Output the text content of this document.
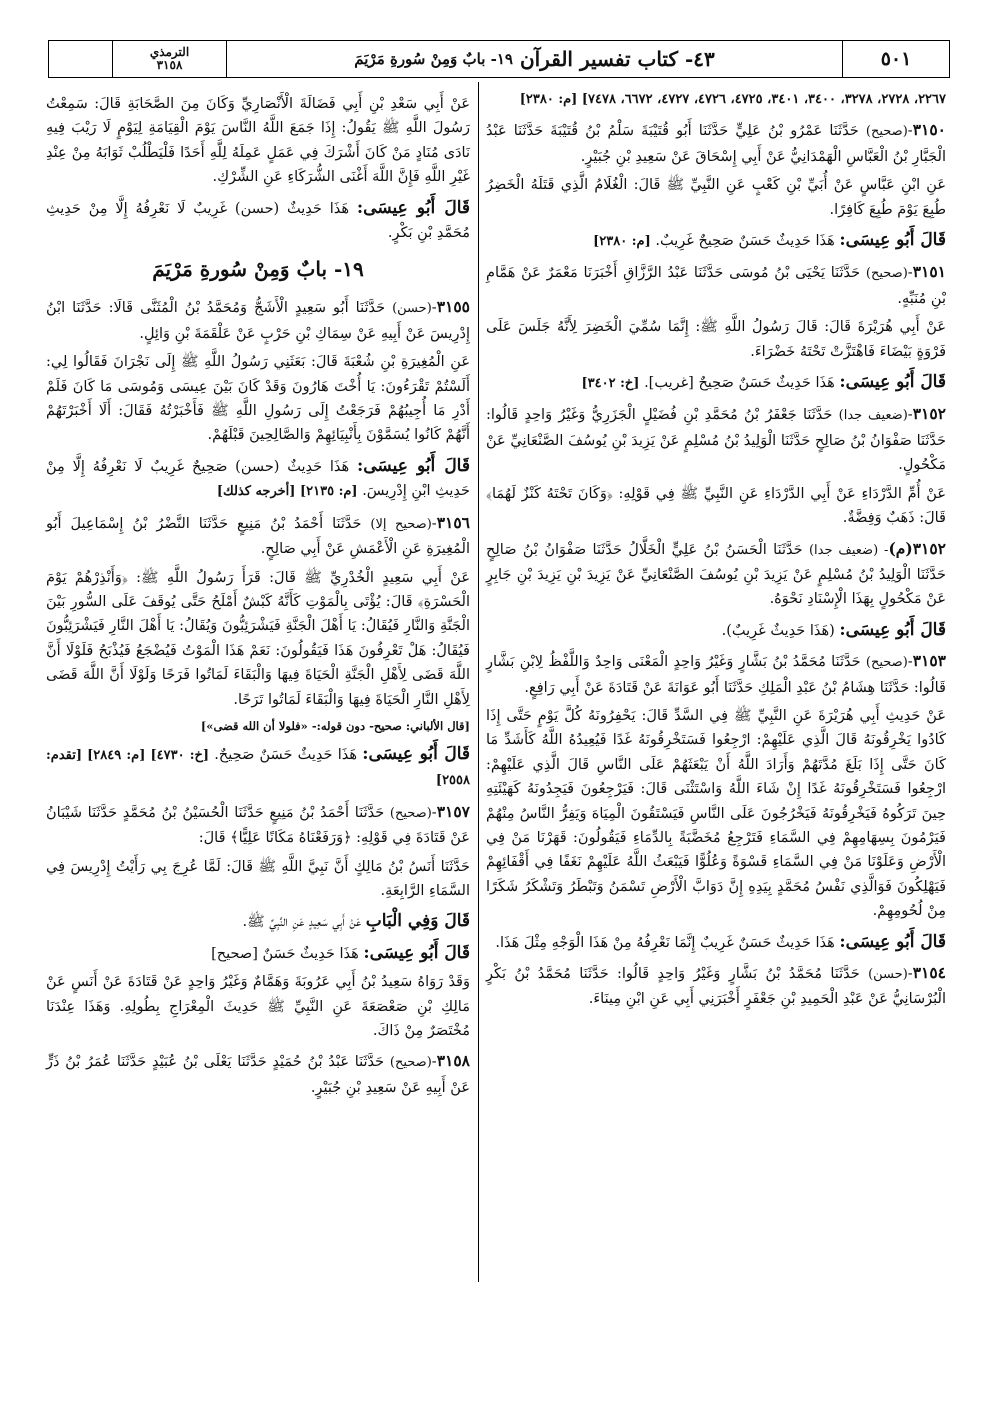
الترمذي
٣١٥٨	٤٣- كتاب تفسير القرآن

١٩- بابٌ وَمِنْ سُورةِ مَرْيَمَ	٥٠١

٢٢٦٧، ٢٧٢٨، ٣٢٧٨، ٣٤٠٠، ٣٤٠١، ٤٧٢٥، ٤٧٢٦، ٤٧٢٧، ٦٦٧٢، ٧٤٧٨] [م: ٢٣٨٠]

٣١٥٠-(صحيح) حَدَّثَنَا عَمْرُو بْنُ عَلِيٍّ حَدَّثَنَا أَبُو قُتَيْبَةَ سَلْمُ بْنُ قُتَيْبَةَ حَدَّثَنَا عَبْدُ الْجَبَّارِ بْنُ الْعَبَّاسِ الْهَمْدَانِيُّ عَنْ أَبِي إِسْحَاقَ عَنْ سَعِيدِ بْنِ جُبَيْرٍ.

عَنِ ابْنِ عَبَّاسٍ عَنْ أُبَيِّ بْنِ كَعْبٍ عَنِ النَّبِيِّ ﷺ قَالَ: الْغُلَامُ الَّذِي قَتَلَهُ الْخَضِرُ طُبِعَ يَوْمَ طُبِعَ كَافِرًا.

قَالَ أَبُو عِيسَى: هَذَا حَدِيثٌ حَسَنٌ صَحِيحٌ غَرِيبٌ. [م: ٢٣٨٠]

٣١٥١-(صحيح) حَدَّثَنَا يَحْيَى بْنُ مُوسَى حَدَّثَنَا عَبْدُ الرَّزَّاقِ أَخْبَرَنَا مَعْمَرٌ عَنْ هَمَّامِ بْنِ مُنَبِّهٍ.

عَنْ أَبِي هُرَيْرَةَ قَالَ: قَالَ رَسُولُ اللَّهِ ﷺ: إِنَّمَا سُمِّيَ الْخَضِرَ لِأَنَّهُ جَلَسَ عَلَى فَرْوَةٍ بَيْضَاءَ فَاهْتَزَّتْ تَحْتَهُ خَضْرَاءَ.

قَالَ أَبُو عِيسَى: هَذَا حَدِيثٌ حَسَنٌ صَحِيحٌ [غريب]. [خ: ٣٤٠٢]

٣١٥٢-(ضعيف جدا) حَدَّثَنَا جَعْفَرُ بْنُ مُحَمَّدِ بْنِ فُضَيْلٍ الْجَزَرِيُّ وَغَيْرُ وَاحِدٍ قَالُوا: حَدَّثَنَا صَفْوَانُ بْنُ صَالِحٍ حَدَّثَنَا الْوَلِيدُ بْنُ مُسْلِمٍ عَنْ يَزِيدَ بْنِ يُوسُفَ الصَّنْعَانِيِّ عَنْ مَكْحُولٍ.

عَنْ أُمِّ الدَّرْدَاءِ عَنْ أَبِي الدَّرْدَاءِ عَنِ النَّبِيِّ ﷺ فِي قَوْلِهِ: ﴿وَكَانَ تَحْتَهُ كَنْزٌ لَهُمَا﴾ قَالَ: ذَهَبٌ وَفِضَّةٌ.

٣١٥٢(م)- (ضعيف جدا) حَدَّثَنَا الْحَسَنُ بْنُ عَلِيٍّ الْخَلَّالُ حَدَّثَنَا صَفْوَانُ بْنُ صَالِحٍ حَدَّثَنَا الْوَلِيدُ بْنُ مُسْلِمٍ عَنْ يَزِيدَ بْنِ يُوسُفَ الصَّنْعَانِيِّ عَنْ يَزِيدَ بْنِ يَزِيدَ بْنِ جَابِرٍ عَنْ مَكْحُولٍ بِهَذَا الْإِسْنَادِ نَحْوَهُ.

قَالَ أَبُو عِيسَى: (هَذَا حَدِيثٌ غَرِيبٌ).

٣١٥٣-(صحيح) حَدَّثَنَا مُحَمَّدُ بْنُ بَشَّارٍ وَغَيْرُ وَاحِدٍ الْمَعْنَى وَاحِدٌ وَاللَّفْظُ لِابْنِ بَشَّارٍ قَالُوا: حَدَّثَنَا هِشَامُ بْنُ عَبْدِ الْمَلِكِ حَدَّثَنَا أَبُو عَوَانَةَ عَنْ قَتَادَةَ عَنْ أَبِي رَافِعٍ.

عَنْ حَدِيثِ أَبِي هُرَيْرَةَ عَنِ النَّبِيِّ ﷺ فِي السَّدِّ قَالَ: يَحْفِرُونَهُ كُلَّ يَوْمٍ حَتَّى إِذَا كَادُوا يَخْرِقُونَهُ قَالَ الَّذِي عَلَيْهِمْ: ارْجِعُوا فَسَتَخْرِقُونَهُ غَدًا فَيُعِيدُهُ اللَّهُ كَأَشَدِّ مَا كَانَ حَتَّى إِذَا بَلَغَ مُدَّتَهُمْ وَأَرَادَ اللَّهُ أَنْ يَبْعَثَهُمْ عَلَى النَّاسِ قَالَ الَّذِي عَلَيْهِمْ: ارْجِعُوا فَسَتَخْرِقُونَهُ غَدًا إِنْ شَاءَ اللَّهُ وَاسْتَثْنَى قَالَ: فَيَرْجِعُونَ فَيَجِدُونَهُ كَهَيْئَتِهِ حِينَ تَرَكُوهُ فَيَخْرِقُونَهُ فَيَخْرُجُونَ عَلَى النَّاسِ فَيَسْتَقُونَ الْمِيَاهَ وَيَفِرُّ النَّاسُ مِنْهُمْ فَيَرْمُونَ بِسِهَامِهِمْ فِي السَّمَاءِ فَتَرْجِعُ مُخَضَّبَةً بِالدِّمَاءِ فَيَقُولُونَ: قَهَرْنَا مَنْ فِي الْأَرْضِ وَعَلَوْنَا مَنْ فِي السَّمَاءِ قَسْوَةً وَعُلُوًّا فَيَبْعَثُ اللَّهُ عَلَيْهِمْ نَغَفًا فِي أَقْفَائِهِمْ فَيَهْلِكُونَ فَوَالَّذِي نَفْسُ مُحَمَّدٍ بِيَدِهِ إِنَّ دَوَابَّ الْأَرْضِ تَسْمَنُ وَتَبْطَرُ وَتَشْكَرُ شَكَرًا مِنْ لُحُومِهِمْ.

قَالَ أَبُو عِيسَى: هَذَا حَدِيثٌ حَسَنٌ غَرِيبٌ إِنَّمَا نَعْرِفُهُ مِنْ هَذَا الْوَجْهِ مِثْلَ هَذَا.

٣١٥٤-(حسن) حَدَّثَنَا مُحَمَّدُ بْنُ بَشَّارٍ وَغَيْرُ وَاحِدٍ قَالُوا: حَدَّثَنَا مُحَمَّدُ بْنُ بَكْرٍ الْبُرْسَانِيُّ عَنْ عَبْدِ الْحَمِيدِ بْنِ جَعْفَرٍ أَخْبَرَنِي أَبِي عَنِ ابْنِ مِينَاءَ.

عَنْ أَبِي سَعْدِ بْنِ أَبِي فَضَالَةَ الْأَنْصَارِيِّ وَكَانَ مِنَ الصَّحَابَةِ قَالَ: سَمِعْتُ رَسُولَ اللَّهِ ﷺ يَقُولُ: إِذَا جَمَعَ اللَّهُ النَّاسَ يَوْمَ الْقِيَامَةِ لِيَوْمٍ لَا رَيْبَ فِيهِ نَادَى مُنَادٍ مَنْ كَانَ أَشْرَكَ فِي عَمَلٍ عَمِلَهُ لِلَّهِ أَحَدًا فَلْيَطْلُبْ ثَوَابَهُ مِنْ عِنْدِ غَيْرِ اللَّهِ فَإِنَّ اللَّهَ أَغْنَى الشُّرَكَاءِ عَنِ الشِّرْكِ.

قَالَ أَبُو عِيسَى: هَذَا حَدِيثٌ (حسن) غَرِيبٌ لَا نَعْرِفُهُ إِلَّا مِنْ حَدِيثِ مُحَمَّدِ بْنِ بَكْرٍ.

١٩- بابٌ وَمِنْ سُورةِ مَرْيَمَ

٣١٥٥-(حسن) حَدَّثَنَا أَبُو سَعِيدٍ الْأَشَجُّ وَمُحَمَّدُ بْنُ الْمُثَنَّى قَالَا: حَدَّثَنَا ابْنُ إِدْرِيسَ عَنْ أَبِيهِ عَنْ سِمَاكِ بْنِ حَرْبٍ عَنْ عَلْقَمَةَ بْنِ وَائِلٍ.

عَنِ الْمُغِيرَةِ بْنِ شُعْبَةَ قَالَ: بَعَثَنِي رَسُولُ اللَّهِ ﷺ إِلَى نَجْرَانَ فَقَالُوا لِي: أَلَسْتُمْ تَقْرَءُونَ: يَا أُخْتَ هَارُونَ وَقَدْ كَانَ بَيْنَ عِيسَى وَمُوسَى مَا كَانَ فَلَمْ أَدْرِ مَا أُجِيبُهُمْ فَرَجَعْتُ إِلَى رَسُولِ اللَّهِ ﷺ فَأَخْبَرْتُهُ فَقَالَ: أَلَا أَخْبَرْتَهُمْ أَنَّهُمْ كَانُوا يُسَمَّوْنَ بِأَنْبِيَائِهِمْ وَالصَّالِحِينَ قَبْلَهُمْ.

قَالَ أَبُو عِيسَى: هَذَا حَدِيثٌ (حسن) صَحِيحٌ غَرِيبٌ لَا نَعْرِفُهُ إِلَّا مِنْ حَدِيثِ ابْنِ إِدْرِيسَ. [م: ٢١٣٥] [أخرجه كذلك]

٣١٥٦-(صحيح إلا) حَدَّثَنَا أَحْمَدُ بْنُ مَنِيعٍ حَدَّثَنَا النَّضْرُ بْنُ إِسْمَاعِيلَ أَبُو الْمُغِيرَةِ عَنِ الْأَعْمَشِ عَنْ أَبِي صَالِحٍ.

عَنْ أَبِي سَعِيدٍ الْخُدْرِيِّ ﷺ قَالَ: قَرَأَ رَسُولُ اللَّهِ ﷺ: ﴿وَأَنْذِرْهُمْ يَوْمَ الْحَسْرَةِ﴾ قَالَ: يُؤْتَى بِالْمَوْتِ كَأَنَّهُ كَبْشٌ أَمْلَحُ حَتَّى يُوقَفَ عَلَى السُّورِ بَيْنَ الْجَنَّةِ وَالنَّارِ فَيُقَالُ: يَا أَهْلَ الْجَنَّةِ فَيَشْرَئِبُّونَ وَيُقَالُ: يَا أَهْلَ النَّارِ فَيَشْرَئِبُّونَ فَيُقَالُ: هَلْ تَعْرِفُونَ هَذَا فَيَقُولُونَ: نَعَمْ هَذَا الْمَوْتُ فَيُضْجَعُ فَيُذْبَحُ فَلَوْلَا أَنَّ اللَّهَ قَضَى لِأَهْلِ الْجَنَّةِ الْحَيَاةَ فِيهَا وَالْبَقَاءَ لَمَاتُوا فَرَحًا وَلَوْلَا أَنَّ اللَّهَ قَضَى لِأَهْلِ النَّارِ الْحَيَاةَ فِيهَا وَالْبَقَاءَ لَمَاتُوا تَرَحًا.

[قال الألباني: صحيح- دون قوله:- «فلولا أن الله قضى»]

قَالَ أَبُو عِيسَى: هَذَا حَدِيثٌ حَسَنٌ صَحِيحٌ. [خ: ٤٧٣٠] [م: ٢٨٤٩] [تقدم: ٢٥٥٨]

٣١٥٧-(صحيح) حَدَّثَنَا أَحْمَدُ بْنُ مَنِيعٍ حَدَّثَنَا الْحُسَيْنُ بْنُ مُحَمَّدٍ حَدَّثَنَا شَيْبَانُ عَنْ قَتَادَةَ فِي قَوْلِهِ: ﴿وَرَفَعْنَاهُ مَكَانًا عَلِيًّا﴾ قَالَ:

حَدَّثَنَا أَنَسُ بْنُ مَالِكٍ أَنَّ نَبِيَّ اللَّهِ ﷺ قَالَ: لَمَّا عُرِجَ بِي رَأَيْتُ إِدْرِيسَ فِي السَّمَاءِ الرَّابِعَةِ.

قَالَ وَفِي الْبَابِ عَنْ أَبِي سَعِيدٍ عَنِ النَّبِيِّ ﷺ.

قَالَ أَبُو عِيسَى: هَذَا حَدِيثٌ حَسَنٌ [صحيح]

وَقَدْ رَوَاهُ سَعِيدُ بْنُ أَبِي عَرُوبَةَ وَهَمَّامٌ وَغَيْرُ وَاحِدٍ عَنْ قَتَادَةَ عَنْ أَنَسٍ عَنْ مَالِكِ بْنِ صَعْصَعَةَ عَنِ النَّبِيِّ ﷺ حَدِيثَ الْمِعْرَاجِ بِطُولِهِ. وَهَذَا عِنْدَنَا مُخْتَصَرٌ مِنْ ذَاكَ.

٣١٥٨-(صحيح) حَدَّثَنَا عَبْدُ بْنُ حُمَيْدٍ حَدَّثَنَا يَعْلَى بْنُ عُبَيْدٍ حَدَّثَنَا عُمَرُ بْنُ ذَرٍّ عَنْ أَبِيهِ عَنْ سَعِيدِ بْنِ جُبَيْرٍ.
